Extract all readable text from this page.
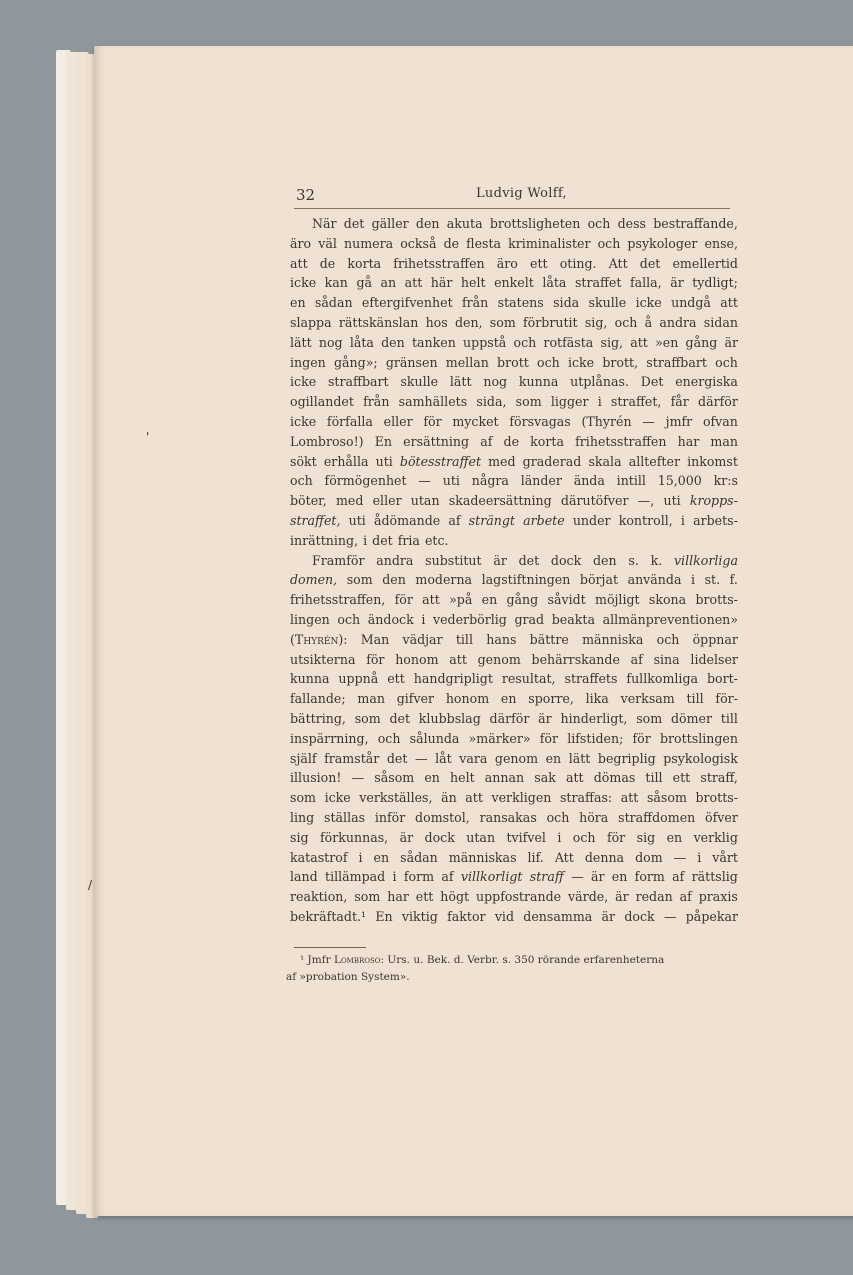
32	Ludvig Wolff,
När det gäller den akuta brottsligheten och dess bestraffande,
äro väl numera också de flesta kriminalister och psykologer ense,
att de korta frihetsstraffen äro ett oting. Att det emellertid
icke kan gå an att här helt enkelt låta straffet falla, är tydligt;
en sådan eftergifvenhet från statens sida skulle icke undgå att
slappa rättskänslan hos den, som förbrutit sig, och å andra sidan
lätt nog låta den tanken uppstå och rotfästa sig, att »en gång är
ingen gång»; gränsen mellan brott och icke brott, straffbart och
icke straffbart skulle lätt nog kunna utplånas. Det energiska
ogillandet från samhällets sida, som ligger i straffet, får därför
icke förfalla eller för mycket försvagas (Thyrén — jmfr ofvan
Lombroso!) En ersättning af de korta frihetsstraffen har man
sökt erhålla uti bötesstraffet med graderad skala alltefter inkomst
och förmögenhet — uti några länder ända intill 15,000 kr:s
böter, med eller utan skadeersättning därutöfver —, uti kropps-
straffet, uti ådömande af strängt arbete under kontroll, i arbets-
inrättning, i det fria etc.
Framför andra substitut är det dock den s. k. villkorliga
domen, som den moderna lagstiftningen börjat använda i st. f.
frihetsstraffen, för att »på en gång såvidt möjligt skona brotts-
lingen och ändock i vederbörlig grad beakta allmänpreventionen»
(Thyrén): Man vädjar till hans bättre människa och öppnar
utsikterna för honom att genom behärrskande af sina lidelser
kunna uppnå ett handgripligt resultat, straffets fullkomliga bort-
fallande; man gifver honom en sporre, lika verksam till för-
bättring, som det klubbslag därför är hinderligt, som dömer till
inspärrning, och sålunda »märker» för lifstiden; för brottslingen
själf framstår det — låt vara genom en lätt begriplig psykologisk
illusion! — såsom en helt annan sak att dömas till ett straff,
som icke verkställes, än att verkligen straffas: att såsom brotts-
ling ställas inför domstol, ransakas och höra straffdomen öfver
sig förkunnas, är dock utan tvifvel i och för sig en verklig
katastrof i en sådan människas lif. Att denna dom — i vårt
land tillämpad i form af villkorligt straff — är en form af rättslig
reaktion, som har ett högt uppfostrande värde, är redan af praxis
bekräftadt.¹ En viktig faktor vid densamma är dock — påpekar
¹ Jmfr Lombroso: Urs. u. Bek. d. Verbr. s. 350 rörande erfarenheterna
af »probation System».
'
/
